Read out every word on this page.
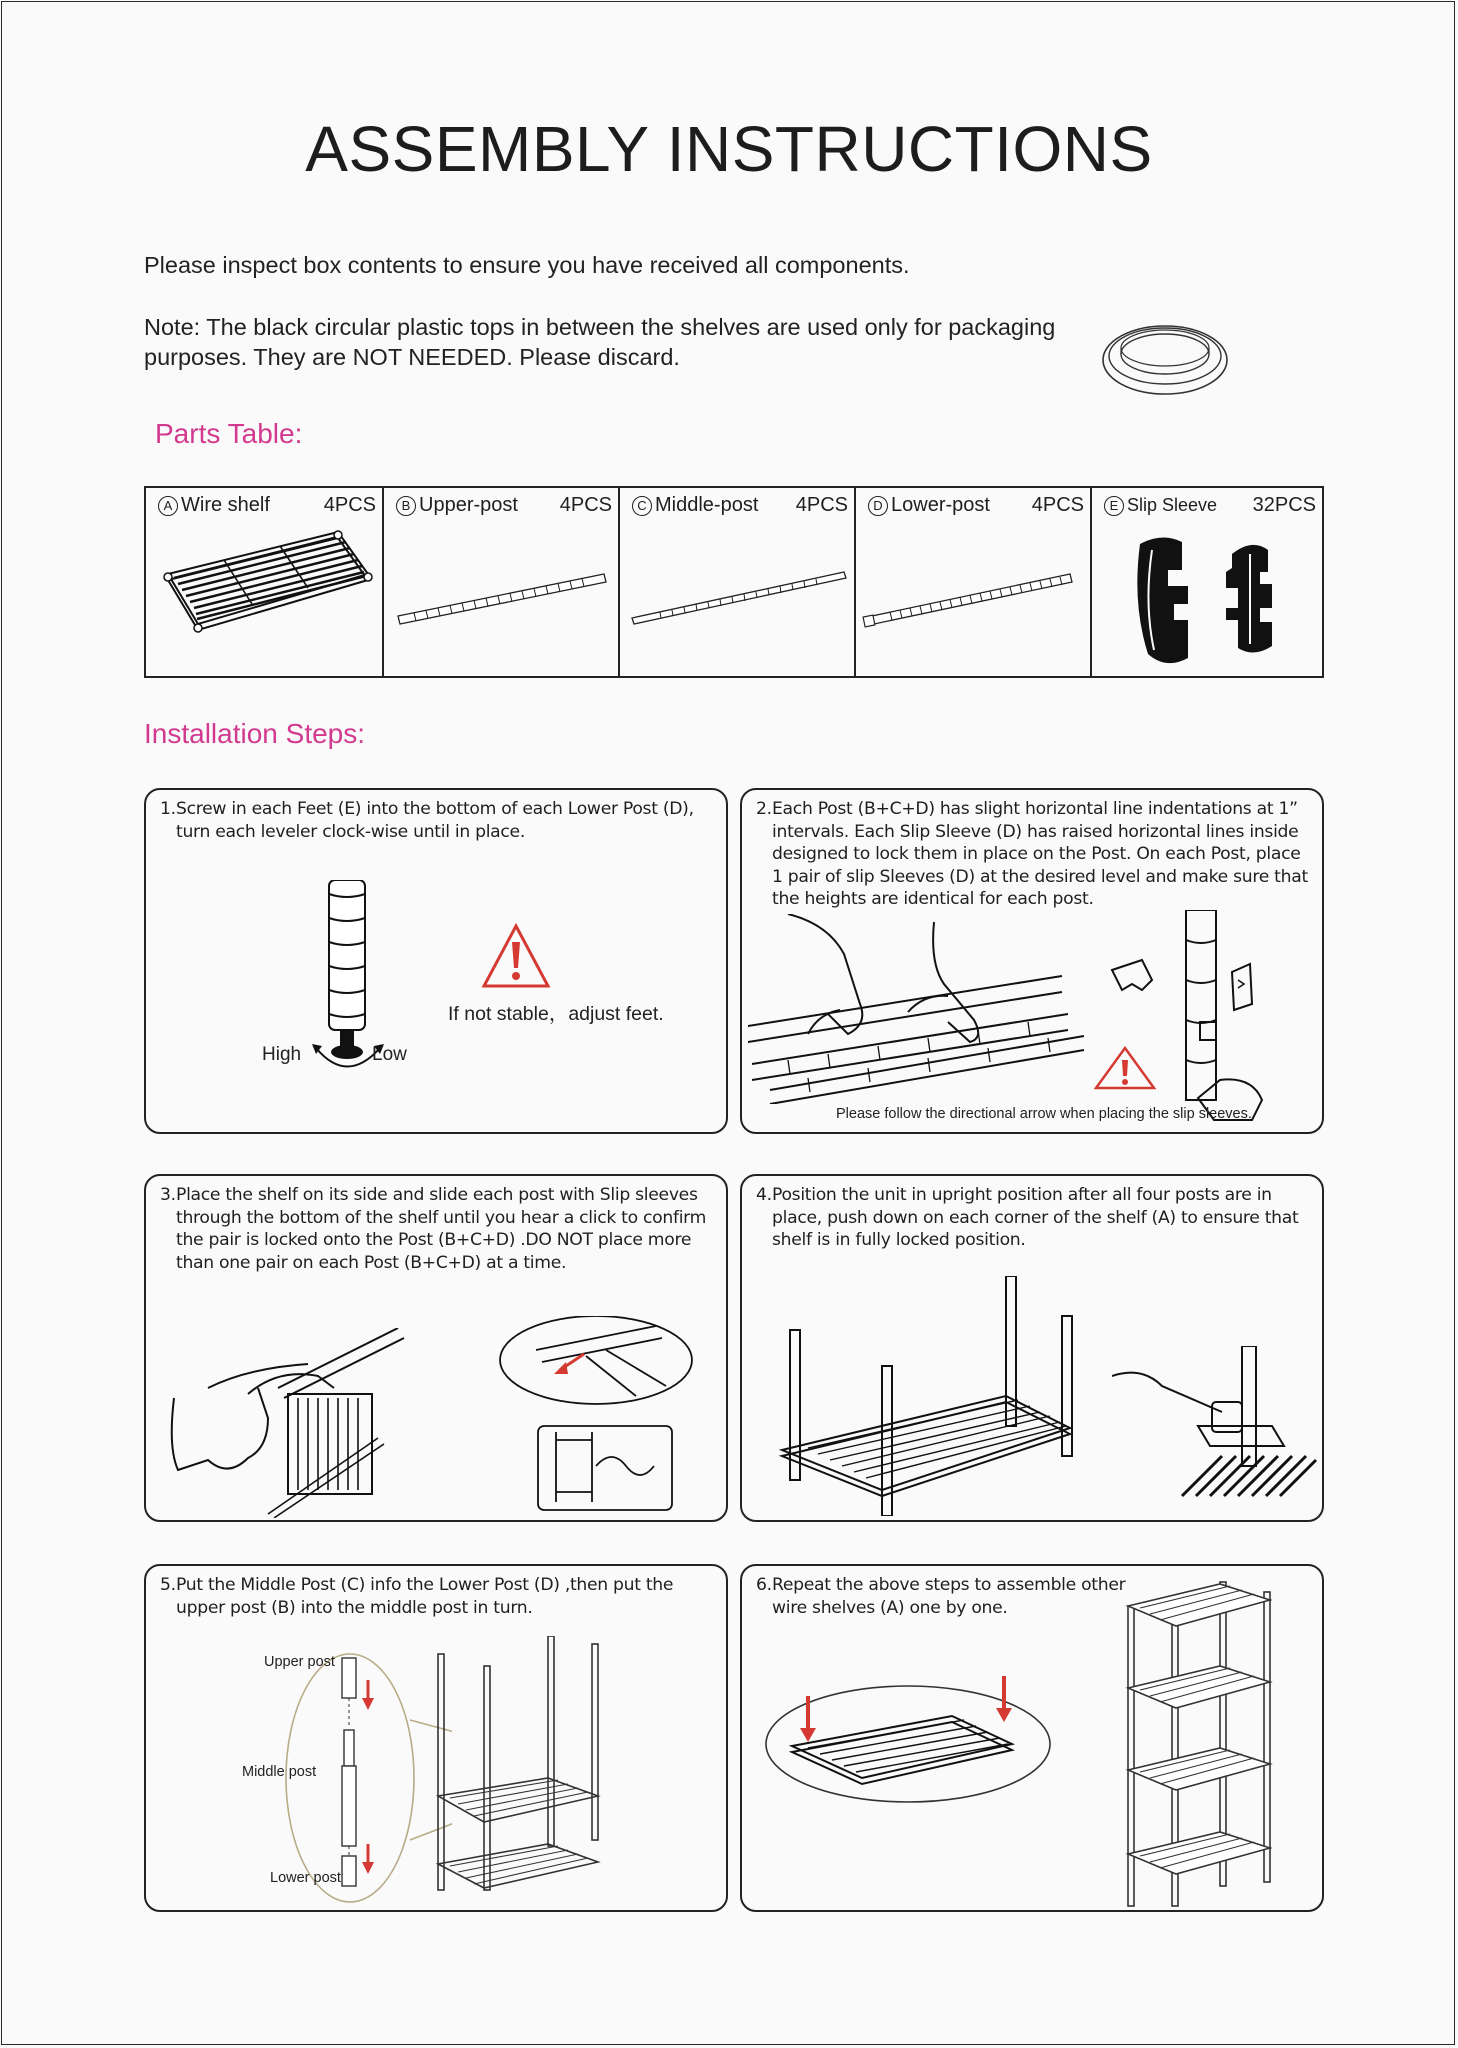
ASSEMBLY INSTRUCTIONS
Please inspect box contents to ensure you have received all components.
Note: The black circular plastic tops in between the shelves are used only for packaging purposes. They are NOT NEEDED. Please discard.
Parts Table:
A Wire shelf	4PCS	B Upper-post 4PCS	C Middle-post 4PCS	D Lower-post 4PCS	E Slip Sleeve 32PCS
Installation Steps:
1. Screw in each Feet (E) into the bottom of each Lower Post (D), turn each leveler clock-wise until in place.
High	Low
If not stable，adjust feet.
2. Each Post (B+C+D) has slight horizontal line indentations at 1” intervals. Each Slip Sleeve (D) has raised horizontal lines inside designed to lock them in place on the Post. On each Post, place 1 pair of slip Sleeves (D) at the desired level and make sure that the heights are identical for each post.
Please follow the directional arrow when placing the slip sleeves.
3. Place the shelf on its side and slide each post with Slip sleeves through the bottom of the shelf until you hear a click to confirm the pair is locked onto the Post (B+C+D) .DO NOT place more than one pair on each Post (B+C+D) at a time.
4. Position the unit in upright position after all four posts are in place, push down on each corner of the shelf (A) to ensure that shelf is in fully locked position.
5. Put the Middle Post (C) info the Lower Post (D) ,then put the upper post (B) into the middle post in turn.
Upper post
Middle post
Lower post
6. Repeat the above steps to assemble other wire shelves (A) one by one.
